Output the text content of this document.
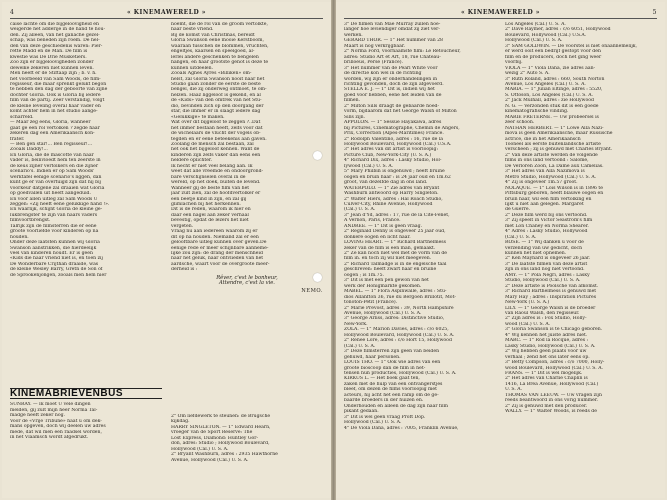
4	« KINEMAWERELD »
caise lachte om die bijgeloovigheid en
weigerde het adderije in de hand te hou-
den. Zij alleen, van het ganache gezel-
schap, was beneden zijn roem. De hel-
den van deze geschiedenis waren: Pier-
rette Madd en de Man. De film is
kwestie was De Drie Musketiers.
Zoo zijn er bijgeloovigheden zonder
dewelke zekeren niet kunnen leven.
Men heeft er de Stiftaap zijn ; b. v. h.
het voorbeeld van Sam Woods, de film-
regisseur, die maar sprenkt gelukt begon
te hebben den dag der geboorte van zijne
dochter Gloria. Ook is Gloria bij iedere
film van de partij. Zeer verstandig, volgt
de kleine leveling overal haar vader en
komt achter hem in het studio aange-
scharreld.
— Maar zeg eens, Gloria, wanneer
gaat ge een rol vertolken ? zegde haar
zekeren dag een Amerikaansch kon-
frater.
— Ben gen star!... Ben regisseur!...
Zooals Daddy!...
En Gloria, die de mascotte van haar
vader is, beinvloedt hem ten zeerste in
de keus zijner vertolkers en die zijner
scenario's. Indien er op Sam Woods'
werktafel eenige scenario's liggen, dan
kunt ge er van overtuigd zijn dat hij bij
voorkeur datgene zal draaien wat Gloria
op goedvallen uit heeft aangeduid.
En voor allen uitleg zal Sam Woods U
zeggen: «Zij heeft eene gelukkige hand !».
En waarlijk, schijnt Gloria de kleine ge-
lukbrengster te zijn van haars vaders
filmvoortbrengst.
Talrijk zijn de filmsterren die er eene
groote voorliefde voor kinderen op na
houden.
Onder deze laatsten kunnen wij Gloria
Swanson aanstrikken, die hierdeelijk
veel van kinderen houdt. Er is geen
«Kids die haar vriend niet is, en toen zij
De Wonderbare Crijthan draaide, was
de kleine Wesley Barry, Gretn de Son of
de Sprookenjongen, zooals men hem hier
noemt, die de rol van de groom vertolkte,
haar beste vriend.
Bij de komst van Christmas, bereidt
Gloria Swanson eene mooie Kerstboom,
waaraan tusschen de blommen, vruchten,
engeltjes, kaarsen en speelgoed, al-
lerlei andere geschenken te bengelen
hangen, en haar grootste genot is deze te
kunnen uitdeelen.
Zooals Agnes Ayres «Billiken» om-
helst, zal Gloria Swanson nooit naar het
Studio gaan zonder de eerste de beste
bengel, die zij onderweg ontmoet, te om-
helzen. Haaz liggeloof is gekend, en al
de «Kids» van den omtrek van het Stu-
dio, bevinden zich op den doorgang der
star, die immer er in slaagt iedere dag
«Gelukkige» te maken.
Wat over dit bijgeloof te zeggen ?..Dat
het immer bestaan heeft, zelfs voor dat
de wichelaars de vlucht der vogels ob-
tegden en er eene beteekenis aan gaven.
Zoolang de mensch zal bestaan, zal
het ook het bijgeloof kennen. Want de
kinderen zijn zelfs vaker dan eens een
heldere oplichter.
Ik hecht er niet veel belang aan. Ik
weet dat alle vreemde en ondoorgrond-
bare verschijnselen overal in de
wereld, op het doek, buiten de levend.
Wanneer gij de beste film van het
jaar zult zien, zal de hoofdvertolker er
een beetje kind in zijn, en zal gij
glimlachen bij het herkennen.
Dit is de reden, waarom ik hier en
daar een nagel aan zeker verhaal
bevestig, opdat de lezers het niet
vergeten.
Vraag nu aan iedereen waarom zij er
dit op na houden. Niemand zal er een
gelooftbare uitleg kunnen over geven.De
eenige rede er meer schijnbare aanneme-
lijke zou zijn: de drang der menschheid
naar het geluk, naar ontvlieden van het
aardsche, waart voor de overgroote meer-
derheid is :
Rêver, c'est le bonheur,
Attendre, c'est la vie.
NEMO.
KINEMABRIEVENBUS
SUNRAY. — Ik moet U vele dingen
melden, gij zult mijn heer Norma Tal-
madge heeft zeker nog.
Voor de «Vrije Tribune» haat u om dek-
mans opgeven, doch wij deelen uw adres
mede, dat wil men een raadsel worden,
in het Vlaamsch wordt afgedrukt.
2° Om liefdewerk te steunen: de Brugsche
kijkdag.
HARRY SINGLETON. — 1° Edward Hearn,
vroeger van de Sport Reserve: The
Lost Express, Diamond: Huntley Gor-
don, adres: Studio ; Hollywood Boulevard,
Hollywood (Cal.) U. S. A.
2° Bryant Washburn, adres : 2935 Hawthorne
Avenue, Hollywood (Cal.) U. S. A.
« KINEMAWERELD »	5
3° De filmen van Mae Murray zullen hoe-
langer hoe leviendiger omdat zij ziet ver-
werken.
GERARD THOR. — 1° Het nummer van 28
Maart is nog verkrijgbaar.
2° Norma Ford, voornaamste film: Le Retoucheur,
adres: Studio Art et Art, 18, rue Chateau-
brilloeus, Perse (France).
3° Het nummer van de Pearl White voor
de directie kon wel in de richting
worden, wij zijn er onderhandelingen in
richting gevonden, doch de zijn afgevoerd.
STELLA E. J. — 1° Dit is, indien wij het
goed voor hebben, eene het leiden van de
filmen.
2° Milton Sills draagt de gebaarde hoed-
vorm, bijdaarom dat het George Walsh of Milton
Sills zijn.
APPOLON. — 1° Sessue Hayakawa, adres
bij Pictures, Cinematographe, Chemin de Angers,
Prix, Correction (Alpes-Maritimes) France.
2° Rodolph Valentino, adres : 16, rue de la
Hollywood Boulevard, Hollywood (Cal.) U.S.A.
3° Het adres van dit artist is voorloopig:
Picture Club, New-York-City (U. S. A.)
4° Richard Dix, adres : Lasky Studio, Hol-
lywood (Cal.) U. S. A.
5° Mary Philbin is ongehuwd ; heeft bruine
oogen en bruin haar : is 24 jaar oud en 1m.62
groot, van dezelfde dag in ons land.
WATERPOLO. — 1° Zie adres van Bryant
Washburn antwoord op Harry Singleton.
2° Walter Hiers, adres : Hal Roach Studio,
Culver-City, Rhine Avenue, Hollywood
(Cal.) U. S. A.
3° Jean d'Yd, adres : 17, rue de la Cité-Fenet,
A Vernon, Paris, France.
ANDREE. — 1° Dit is geen vraag.
2° Reginald Denny is ongeveer 25 jaar oud,
donkere oogen en licht haar.
LOVING HEART. — 1° Richard Barthelmess
zeker van de film is een man, gemaakt.
2° Ze kan noch niet wel met de vorm van de
film in. en toch zij wil niet meegeven.
2° Richard Talmadge is in de engelsche taal
geschreven: heeft zwart haar en bruine
oogen ; is 1m.75.
3° Dit is met een pen gewon van het
werk der Honigmarkte gekomen.
MABEL. — 1° Flora Aspinwalle, adres : Stu-
dios Allanfton 36, rue du Bergoen Brillotit, Mot-
tonoton-Petit (France).
2° Marie Prévost, adres : 39, North Hampshire
Avenue, Hollywood (Cal.) U. S. A.
3° George Arliss, adres: Distinctive Studio,
New-York.
ZOLA. — 1° Marion Davies, adres : c/o 6025,
Hollywood Boulevard, Hollywood (Cal.) U. S. A.
2° Renée Lore, adres : c/o Hort 15, Hollywood
(Cal.) U. S. A.
3° Deze filmsterren zijn geen van beiden
gehuwd, haar personen.
LOUIS THO. — 1° Ook wie adres van een
groote bioscoop dan de film in het-
tensen hun producties, Hollywood (Cal.) U. S. A.
KIRKUS L. — Het boek gaat ten,
zaken met de hulp van een ontvangerstjes
bleef, om dezen de films voorloopig met
acteurs, hij acht het een ramp om de ge-
baarde broeders in der huizen en.
Onderhouden en alleen de dag zijn naar film
pikant gedaan.
3° Dit is wel geen vraag Proft Dop.
Hollywood (Cal.) U. S. A.
4° De Viola Dana, adres : 7005, Franklin Avenue,
Los Angeles (Cal.) U. S. A.
2° Dave Raymer, adres : c/o 6051, Hollywood
Boulevard, Hollywood (Cal.) U.S.A.
Hollywood (Cal.) U. S. A.
3° SAM GOLDWIN. — De voorstel is niet onaannemelijk,
er werd ooit een bedrijf gestopt voor den
film en de producers, doch het ging weer
voorbij.
VIOLA — 1° Viola Dana, zie adres aan-
wezig 2° Auto S. A.
3° Ruth Roland, adres : 660, South Norton
Avenue, Los Angeles (Cal.) U. S. A.
MARIA. — 1° Julian Eltinge, adres : 5520,
S. Ottoson, Los Angeles (Cal.) U. S. A.
2° Jack Mulhall, adres : zie Hollywood
N. G. — Verzonden stuk dit is een goede
kinematografische vinding.
MARIE FRETERNE. — Uw probeersel is
zeer schoon.
NATHAN HERBERT. — 1° Lowe Alla Nazi-
mova is geen Amerikaansche, maar Russische
actrice, die in het Amerikaansch
Tooneel als eerste buitenlandsche artiste
verscheen ; zij is gehuwd met Charles Bryant.
2° Van deze artiste werden de volgende
films in ons land vertoond : Salomé,
De Verloren Zoon, La Dame aux Camélias.
3° Het adres van Alla Nazimova is
Metro Studio, Hollywood (Cal.) U. S. A.
4° Zij is ongeveer 1m.57 groot.
NOLAQUE. — 1° Lois Wilson is in 1896 te
Pittsburg geboren, heeft blauwe oogen en
bruin haar, wil een film vertolking en
lijkt u niet aan gelegen. Margaret
de Guerre.
2° Deze film werd bij ons vertoond.
3° Zij speelt in Victor Seastrom's film
met Lon Chaney en Norma Shearer.
4° Adres : Lasky Studio, Hollywood
(Cal.) U. S. A.
ROSE. — 1° Wij danken u voor de
verzending van uw gedicht, doch
kunnen het niet opnemen.
2° Ken Maynard is ongeveer 26 jaar.
3° De laatste filmen van deze artist
zijn in ons land nog niet vertoond.
AMY. — 1° Pola Negri, adres : Lasky
Studio, Hollywood (Cal.) U. S. A.
2° Deze artiste is Poolsche van afkomst.
3° Richard Barthelmess is gehuwd met
Mary Hay ; adres : Inspiration Pictures
New-York (U. S. A.)
LILY. — 1° George Walsh is de broeder
van Raoul Walsh, den regisseur.
2° Zijn adres is : Fox Studio, Holly-
wood (Cal.) U. S. A.
3° Gloria Swanson is te Chicago geboren.
4° Wij kennen het juiste adres niet.
MARC. — 1° Rod la Rocque, adres :
Lasky Studio, Hollywood (Cal.) U. S. A.
2° Wij hebben geen plaats voor uw
verhaal ; zend het ons later eens op.
3° Betty Compson, adres : c/o 7000, Holly-
wood Boulevard, Hollywood (Cal.) U. S. A.
FRANS. — 1° Dit is wel mogelijk.
2° Het adres van Charlie Chaplin is
1416, La Brea Avenue, Hollywood (Cal.)
U. S. A.
THOMAS VAN LEEUW. — Uw vragen zijn
reeds beantwoord in ons vorig nummer.
2° Zij is gehuwd met den producer.
WALLY. — 1° Walter Woods, is reeds de
